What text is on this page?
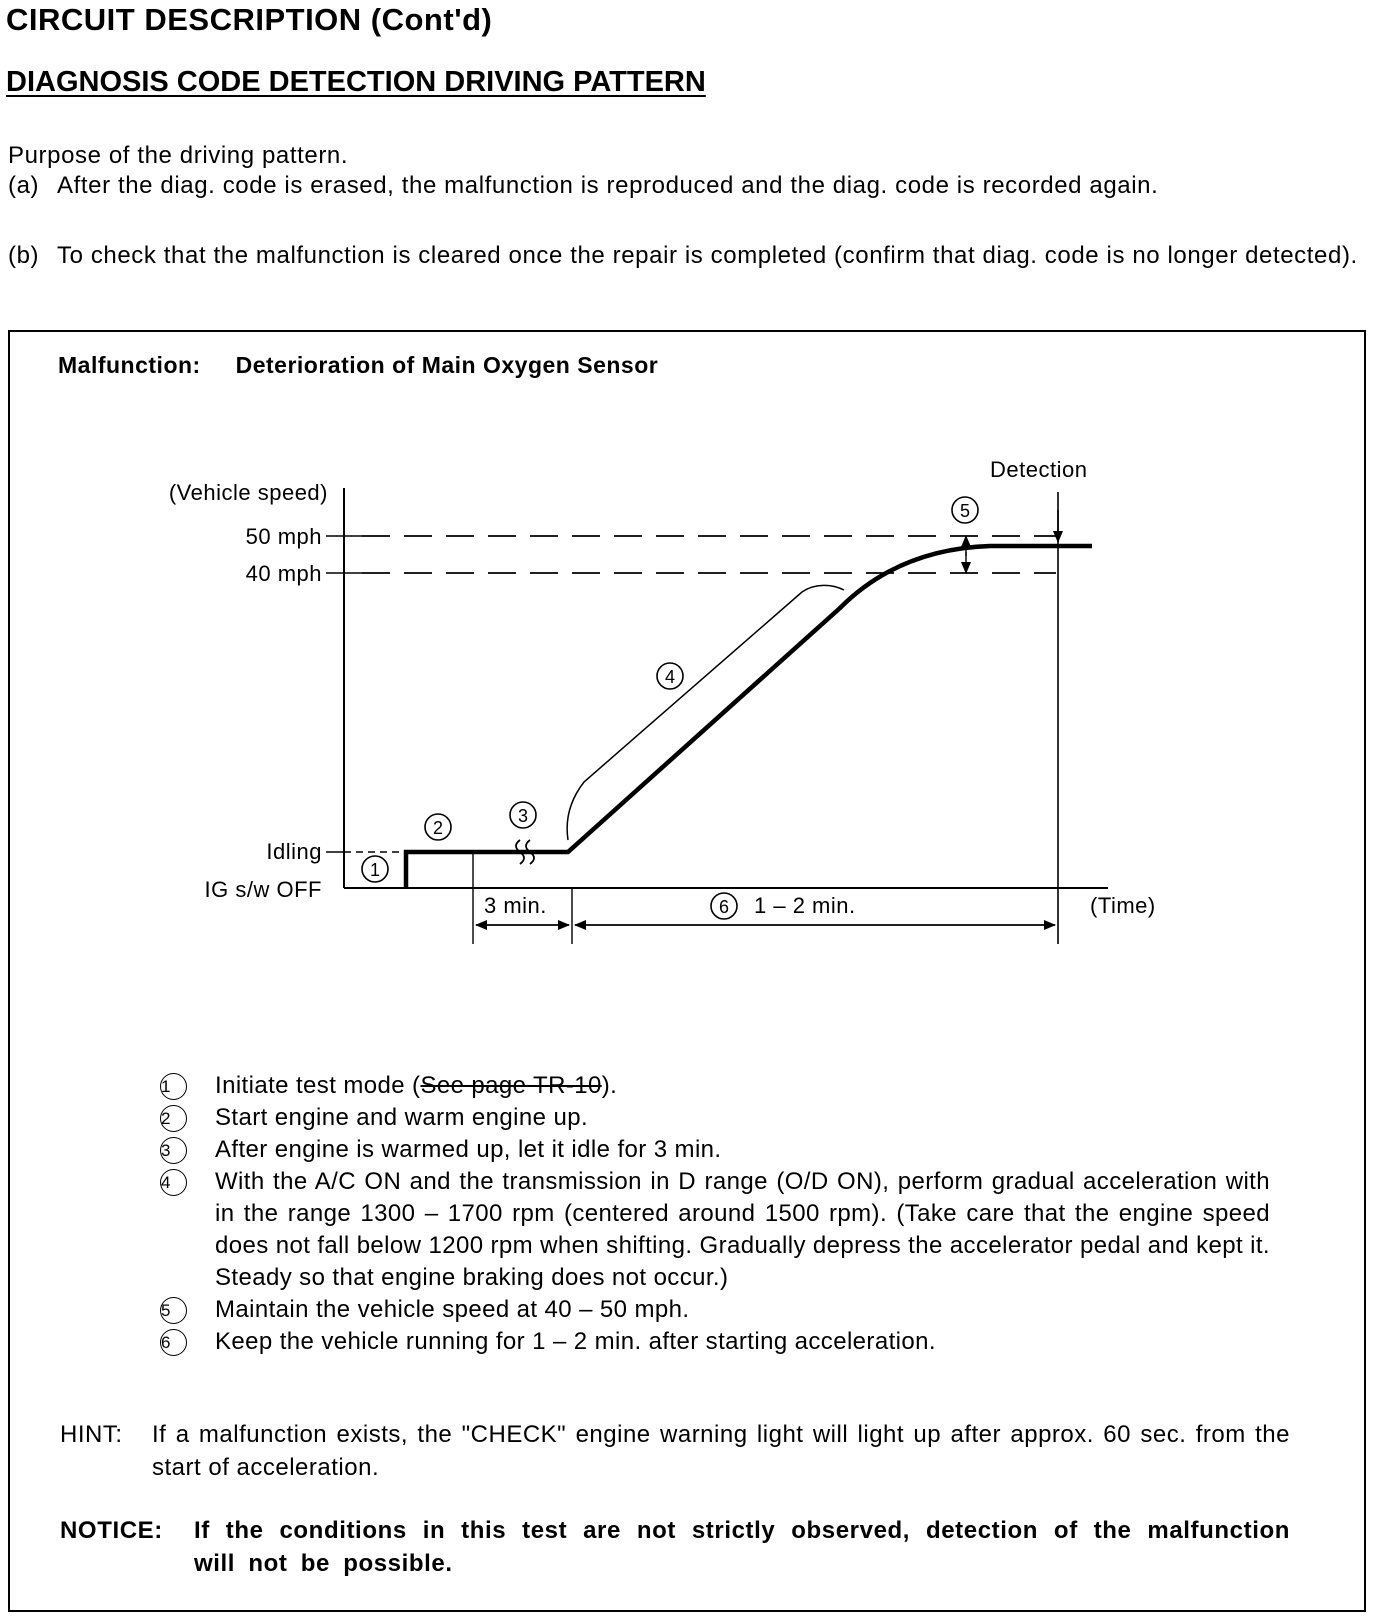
CIRCUIT DESCRIPTION (Cont'd)
DIAGNOSIS CODE DETECTION DRIVING PATTERN
Purpose of the driving pattern.
(a) After the diag. code is erased, the malfunction is reproduced and the diag. code is recorded again.
(b) To check that the malfunction is cleared once the repair is completed (confirm that diag. code is no longer detected).
Malfunction: Deterioration of Main Oxygen Sensor
(Vehicle speed)
50 mph
40 mph
Idling
IG s/w OFF
(Time)
Detection
3 min.	1 – 2 min.
1
2
3
4
5
6
1	Initiate test mode (See page TR-10).
2	Start engine and warm engine up.
3	After engine is warmed up, let it idle for 3 min.
4	With the A/C ON and the transmission in D range (O/D ON), perform gradual acceleration with in the range 1300 – 1700 rpm (centered around 1500 rpm). (Take care that the engine speed does not fall below 1200 rpm when shifting. Gradually depress the accelerator pedal and kept it. Steady so that engine braking does not occur.)
5	Maintain the vehicle speed at 40 – 50 mph.
6	Keep the vehicle running for 1 – 2 min. after starting acceleration.
HINT: If a malfunction exists, the "CHECK" engine warning light will light up after approx. 60 sec. from the start of acceleration.
NOTICE: If the conditions in this test are not strictly observed, detection of the malfunction will not be possible.
